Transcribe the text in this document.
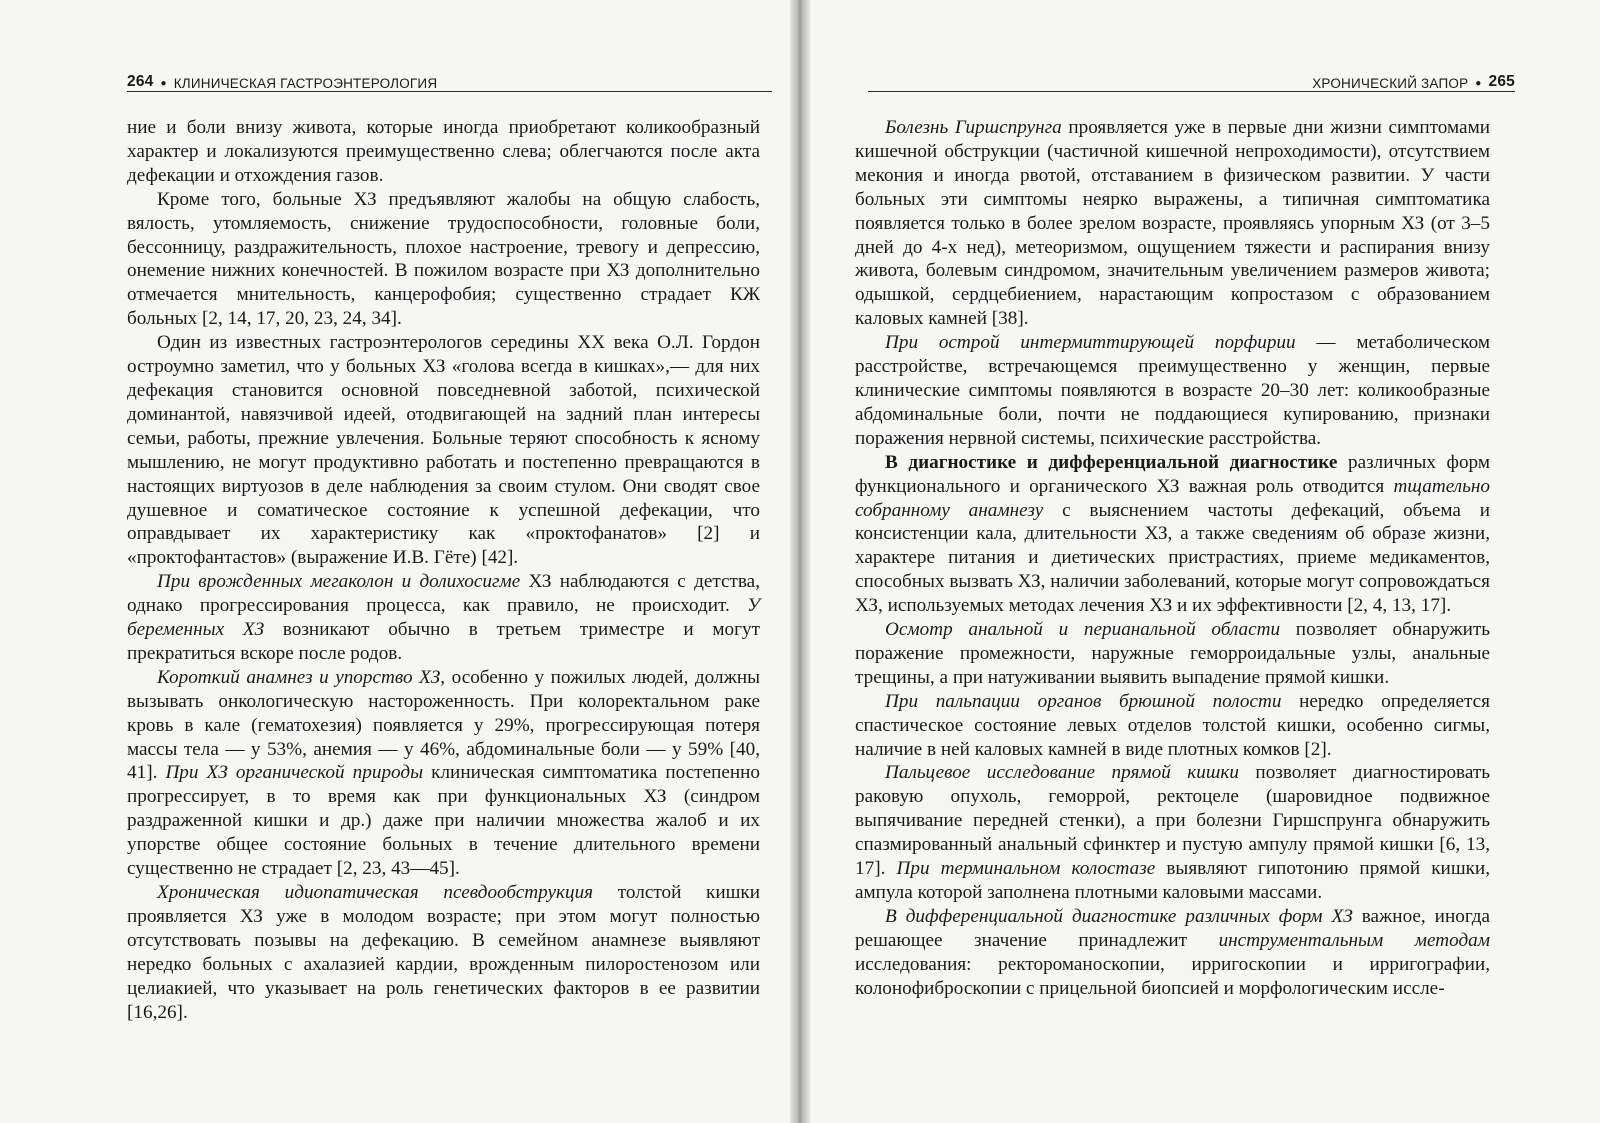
264 ● КЛИНИЧЕСКАЯ ГАСТРОЭНТЕРОЛОГИЯ

ние и боли внизу живота, которые иногда приобретают коликообразный характер и локализуются преимущественно слева; облегчаются после акта дефекации и отхождения газов.

Кроме того, больные ХЗ предъявляют жалобы на общую слабость, вялость, утомляемость, снижение трудоспособности, головные боли, бессонницу, раздражительность, плохое настроение, тревогу и депрессию, онемение нижних конечностей. В пожилом возрасте при ХЗ дополнительно отмечается мнительность, канцерофобия; существенно страдает КЖ больных [2, 14, 17, 20, 23, 24, 34].

Один из известных гастроэнтерологов середины XX века О.Л. Гордон остроумно заметил, что у больных ХЗ «голова всегда в кишках»,— для них дефекация становится основной повседневной заботой, психической доминантой, навязчивой идеей, отодвигающей на задний план интересы семьи, работы, прежние увлечения. Больные теряют способность к ясному мышлению, не могут продуктивно работать и постепенно превращаются в настоящих виртуозов в деле наблюдения за своим стулом. Они сводят свое душевное и соматическое состояние к успешной дефекации, что оправдывает их характеристику как «проктофанатов» [2] и «проктофантастов» (выражение И.В. Гёте) [42].

При врожденных мегаколон и долихосигме ХЗ наблюдаются с детства, однако прогрессирования процесса, как правило, не происходит. У беременных ХЗ возникают обычно в третьем триместре и могут прекратиться вскоре после родов.

Короткий анамнез и упорство ХЗ, особенно у пожилых людей, должны вызывать онкологическую настороженность. При колоректальном раке кровь в кале (гематохезия) появляется у 29%, прогрессирующая потеря массы тела — у 53%, анемия — у 46%, абдоминальные боли — у 59% [40, 41]. При ХЗ органической природы клиническая симптоматика постепенно прогрессирует, в то время как при функциональных ХЗ (синдром раздраженной кишки и др.) даже при наличии множества жалоб и их упорстве общее состояние больных в течение длительного времени существенно не страдает [2, 23, 43—45].

Хроническая идиопатическая псевдообструкция толстой кишки проявляется ХЗ уже в молодом возрасте; при этом могут полностью отсутствовать позывы на дефекацию. В семейном анамнезе выявляют нередко больных с ахалазией кардии, врожденным пилоростенозом или целиакией, что указывает на роль генетических факторов в ее развитии [16,26].

ХРОНИЧЕСКИЙ ЗАПОР ● 265

Болезнь Гиршспрунга проявляется уже в первые дни жизни симптомами кишечной обструкции (частичной кишечной непроходимости), отсутствием мекония и иногда рвотой, отставанием в физическом развитии. У части больных эти симптомы неярко выражены, а типичная симптоматика появляется только в более зрелом возрасте, проявляясь упорным ХЗ (от 3–5 дней до 4-х нед), метеоризмом, ощущением тяжести и распирания внизу живота, болевым синдромом, значительным увеличением размеров живота; одышкой, сердцебиением, нарастающим копростазом с образованием каловых камней [38].

При острой интермиттирующей порфирии — метаболическом расстройстве, встречающемся преимущественно у женщин, первые клинические симптомы появляются в возрасте 20–30 лет: коликообразные абдоминальные боли, почти не поддающиеся купированию, признаки поражения нервной системы, психические расстройства.

В диагностике и дифференциальной диагностике различных форм функционального и органического ХЗ важная роль отводится тщательно собранному анамнезу с выяснением частоты дефекаций, объема и консистенции кала, длительности ХЗ, а также сведениям об образе жизни, характере питания и диетических пристрастиях, приеме медикаментов, способных вызвать ХЗ, наличии заболеваний, которые могут сопровождаться ХЗ, используемых методах лечения ХЗ и их эффективности [2, 4, 13, 17].

Осмотр анальной и перианальной области позволяет обнаружить поражение промежности, наружные геморроидальные узлы, анальные трещины, а при натуживании выявить выпадение прямой кишки.

При пальпации органов брюшной полости нередко определяется спастическое состояние левых отделов толстой кишки, особенно сигмы, наличие в ней каловых камней в виде плотных комков [2].

Пальцевое исследование прямой кишки позволяет диагностировать раковую опухоль, геморрой, ректоцеле (шаровидное подвижное выпячивание передней стенки), а при болезни Гиршспрунга обнаружить спазмированный анальный сфинктер и пустую ампулу прямой кишки [6, 13, 17]. При терминальном колостазе выявляют гипотонию прямой кишки, ампула которой заполнена плотными каловыми массами.

В дифференциальной диагностике различных форм ХЗ важное, иногда решающее значение принадлежит инструментальным методам исследования: ректороманоскопии, ирригоскопии и ирригографии, колонофиброскопии с прицельной биопсией и морфологическим иссле-
